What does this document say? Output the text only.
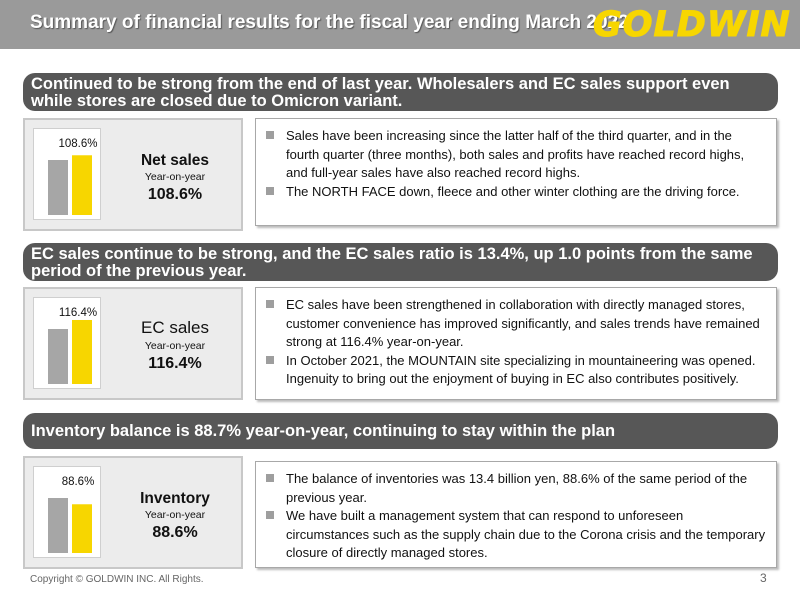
Summary of financial results for the fiscal year ending March 2022
GOLDWIN
Continued to be strong from the end of last year. Wholesalers and EC sales support even while stores are closed due to Omicron variant.
108.6%
Net sales
Year-on-year
108.6%
Sales have been increasing since the latter half of the third quarter, and in the fourth quarter (three months), both sales and profits have reached record highs, and full-year sales have also reached record highs.
The NORTH FACE down, fleece and other winter clothing are the driving force.
EC sales continue to be strong, and the EC sales ratio is 13.4%, up 1.0 points from the same period of the previous year.
116.4%
EC sales
Year-on-year
116.4%
EC sales have been strengthened in collaboration with directly managed stores, customer convenience has improved significantly, and sales trends have remained strong at 116.4% year-on-year.
In October 2021, the MOUNTAIN site specializing in mountaineering was opened. Ingenuity to bring out the enjoyment of buying in EC also contributes positively.
Inventory balance is 88.7% year-on-year, continuing to stay within the plan
88.6%
Inventory
Year-on-year
88.6%
The balance of inventories was 13.4 billion yen, 88.6% of the same period of the previous year.
We have built a management system that can respond to unforeseen circumstances such as the supply chain due to the Corona crisis and the temporary closure of directly managed stores.
Copyright © GOLDWIN INC. All Rights.	3
